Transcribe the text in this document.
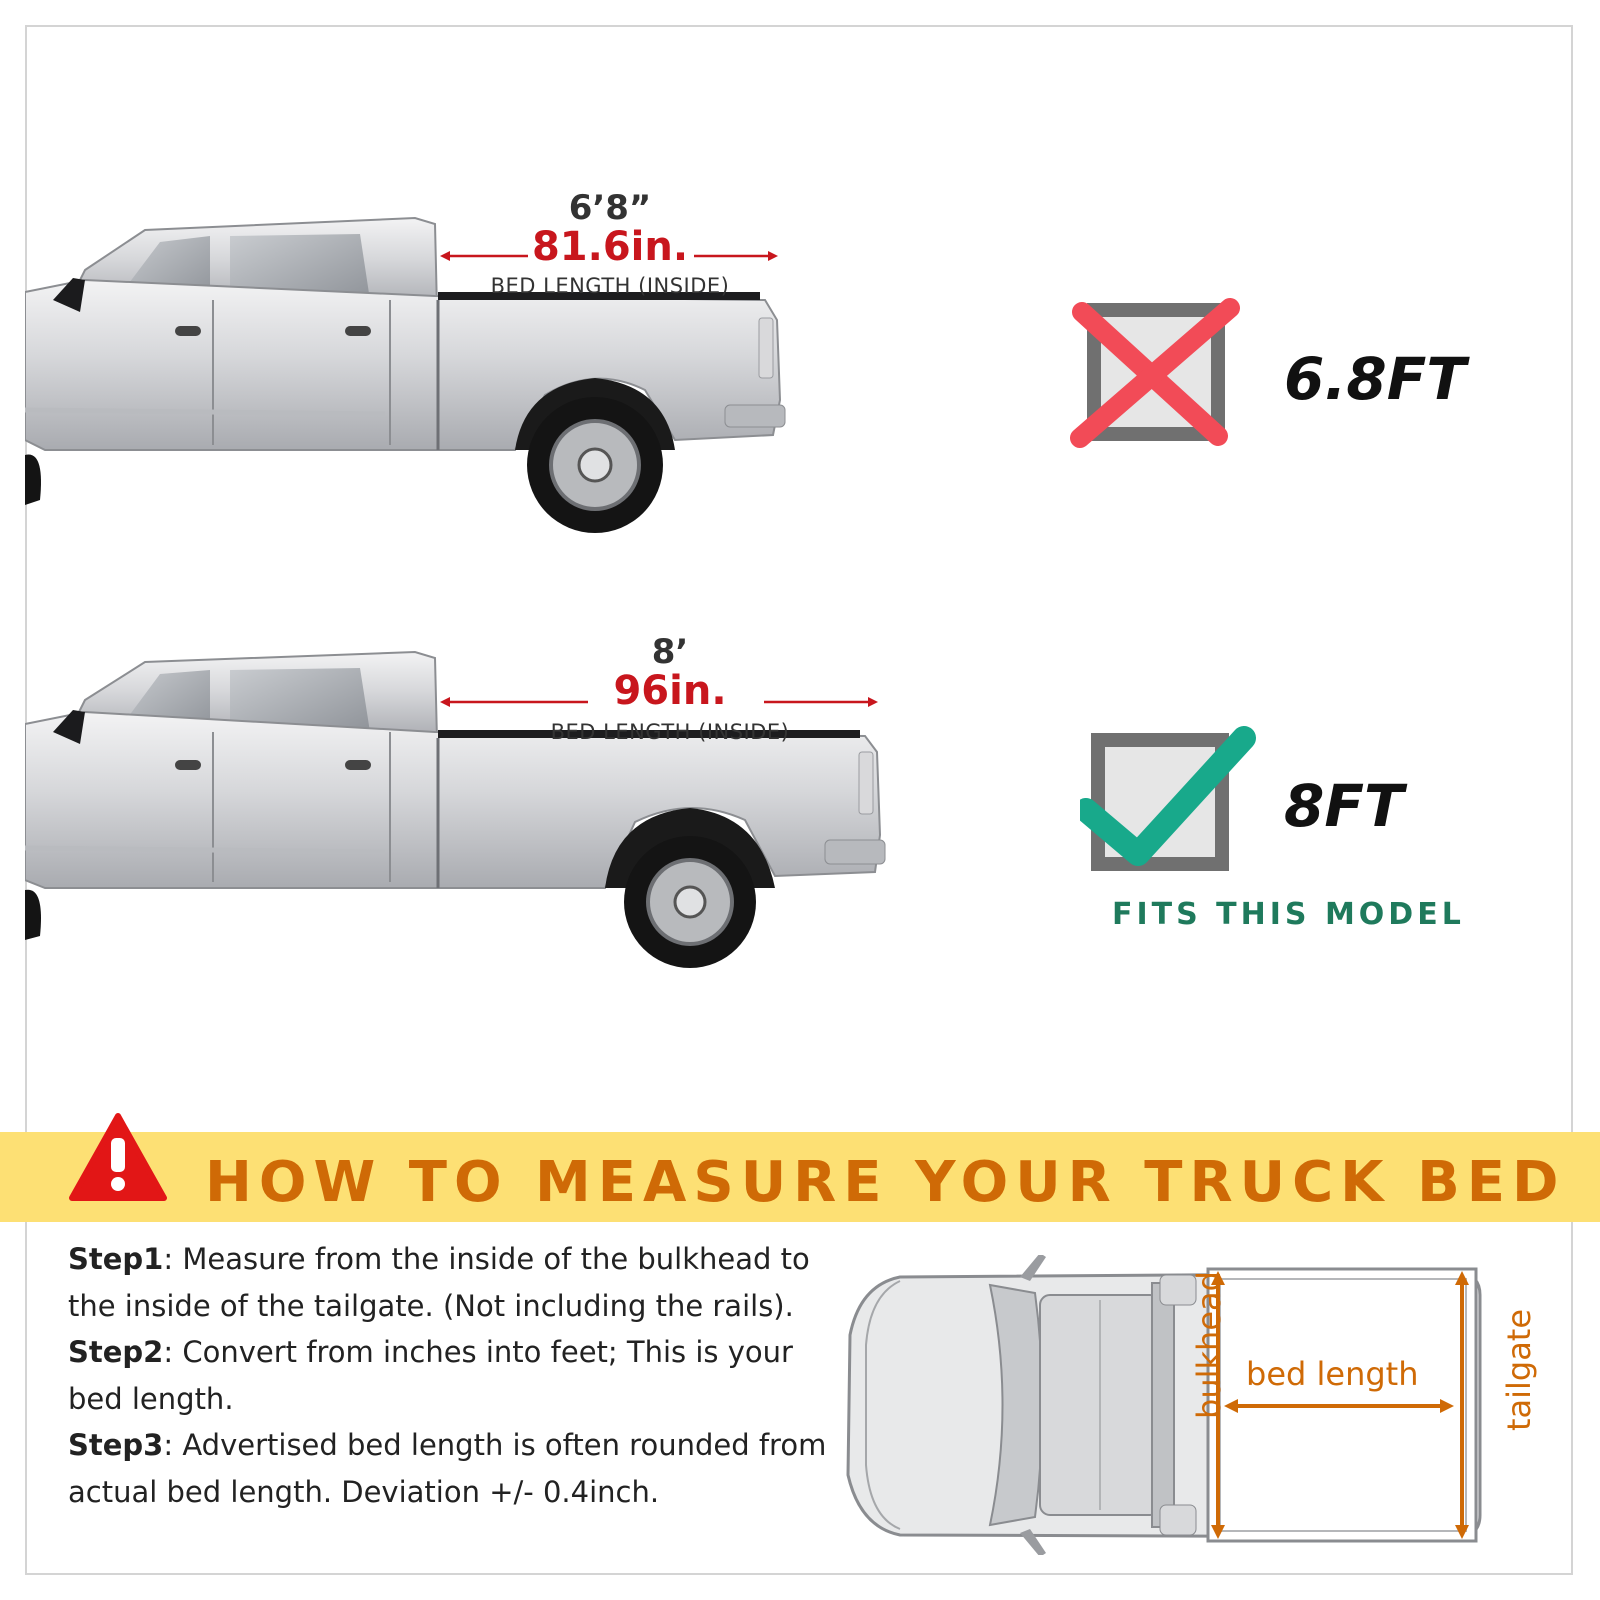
6’8”
81.6in.
BED LENGTH (INSIDE)
6.8FT
8’
96in.
BED LENGTH (INSIDE)
8FT
FITS THIS MODEL
HOW TO MEASURE YOUR TRUCK BED
Step1: Measure from the inside of the bulkhead to the inside of the tailgate. (Not including the rails).
Step2: Convert from inches into feet; This is your bed length.
Step3: Advertised bed length is often rounded from actual bed length. Deviation +/- 0.4inch.
bulkhead bed length	tailgate
